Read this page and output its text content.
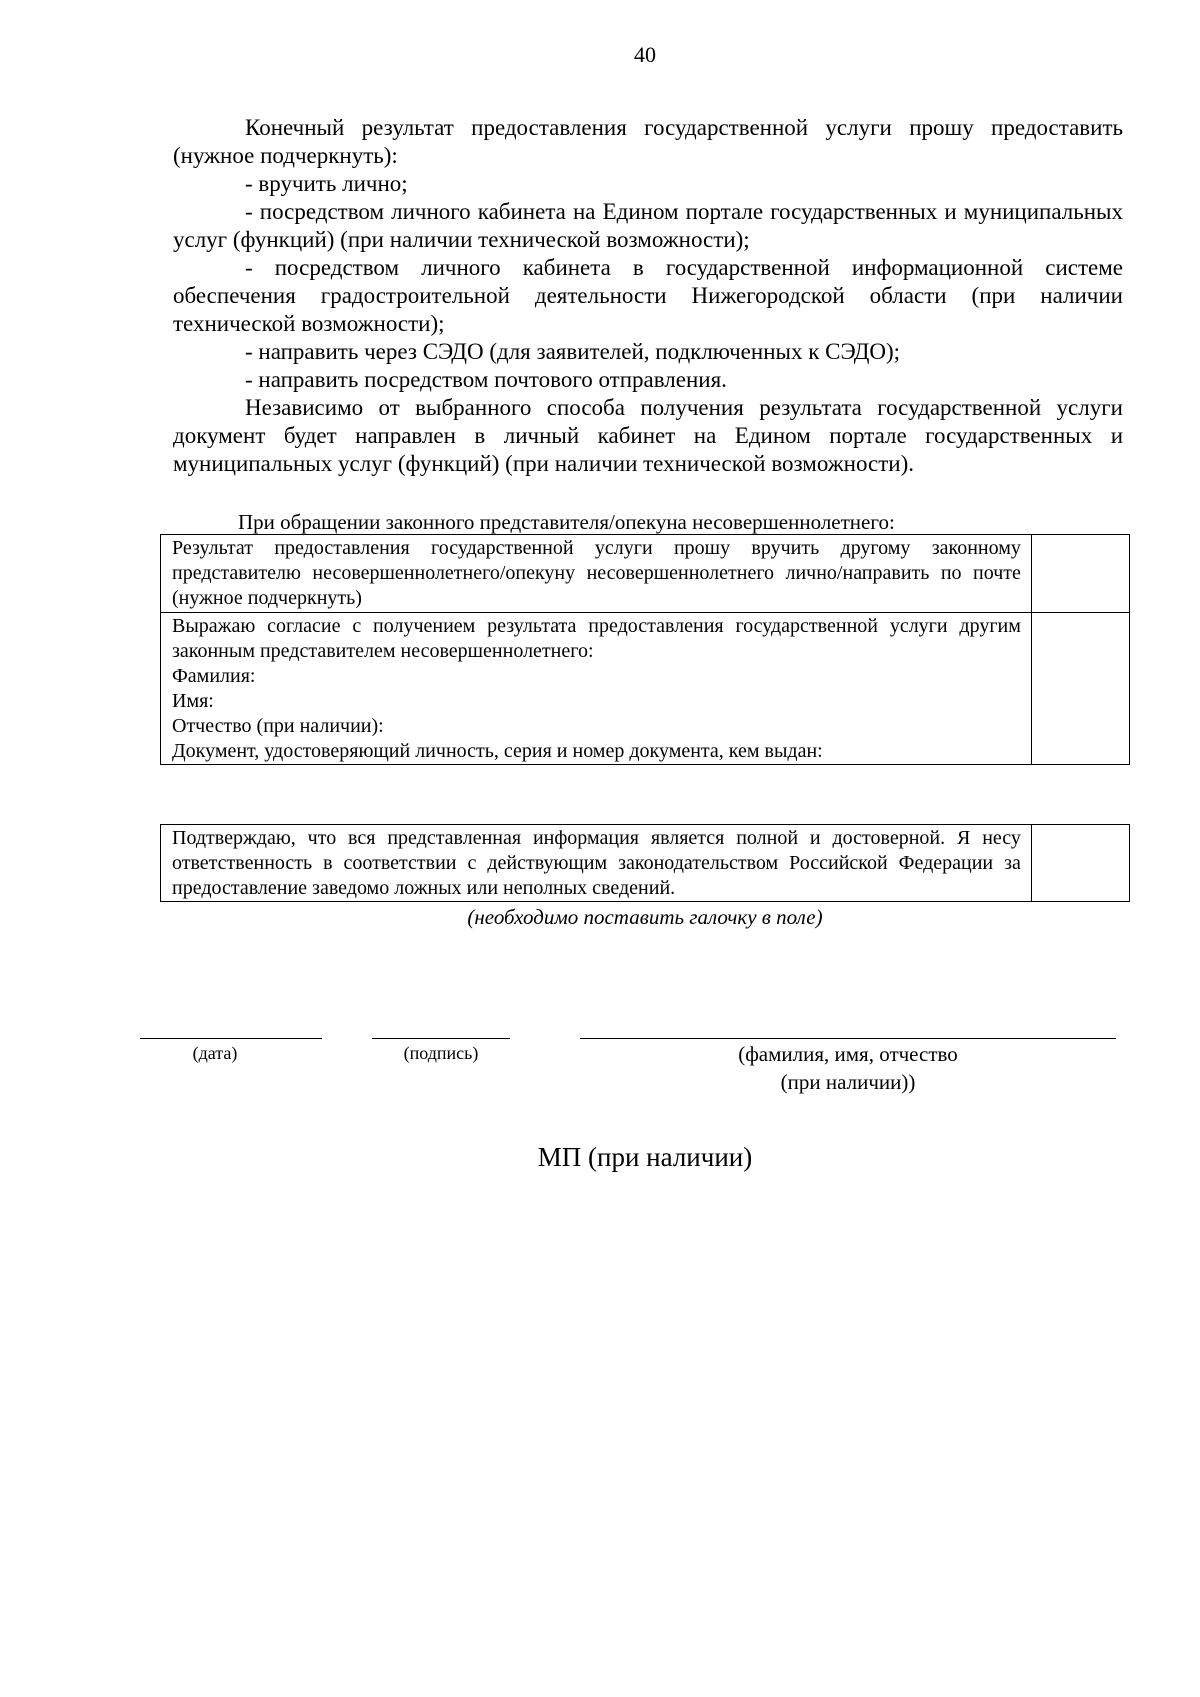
40

Конечный результат предоставления государственной услуги прошу предоставить

(нужное подчеркнуть):

- вручить лично;

- посредством личного кабинета на Едином портале государственных и муниципальных услуг (функций) (при наличии технической возможности);

- посредством личного кабинета в государственной информационной системе обеспечения градостроительной деятельности Нижегородской области (при наличии технической возможности);

- направить через СЭДО (для заявителей, подключенных к СЭДО);

- направить посредством почтового отправления.

Независимо от выбранного способа получения результата государственной услуги документ будет направлен в личный кабинет на Едином портале государственных и муниципальных услуг (функций) (при наличии технической возможности).

При обращении законного представителя/опекуна несовершеннолетнего:
Результат предоставления государственной услуги прошу вручить другому законному представителю несовершеннолетнего/опекуну несовершеннолетнего лично/направить по почте (нужное подчеркнуть)	

Выражаю согласие с получением результата предоставления государственной услуги другим законным представителем несовершеннолетнего:
Фамилия:
Имя:
Отчество (при наличии):
Документ, удостоверяющий личность, серия и номер документа, кем выдан:	

Подтверждаю, что вся представленная информация является полной и достоверной. Я несу ответственность в соответствии с действующим законодательством Российской Федерации за предоставление заведомо ложных или неполных сведений.	
(необходимо поставить галочку в поле)
(дата)	(подпись)	(фамилия, имя, отчество
(при наличии))
МП (при наличии)
